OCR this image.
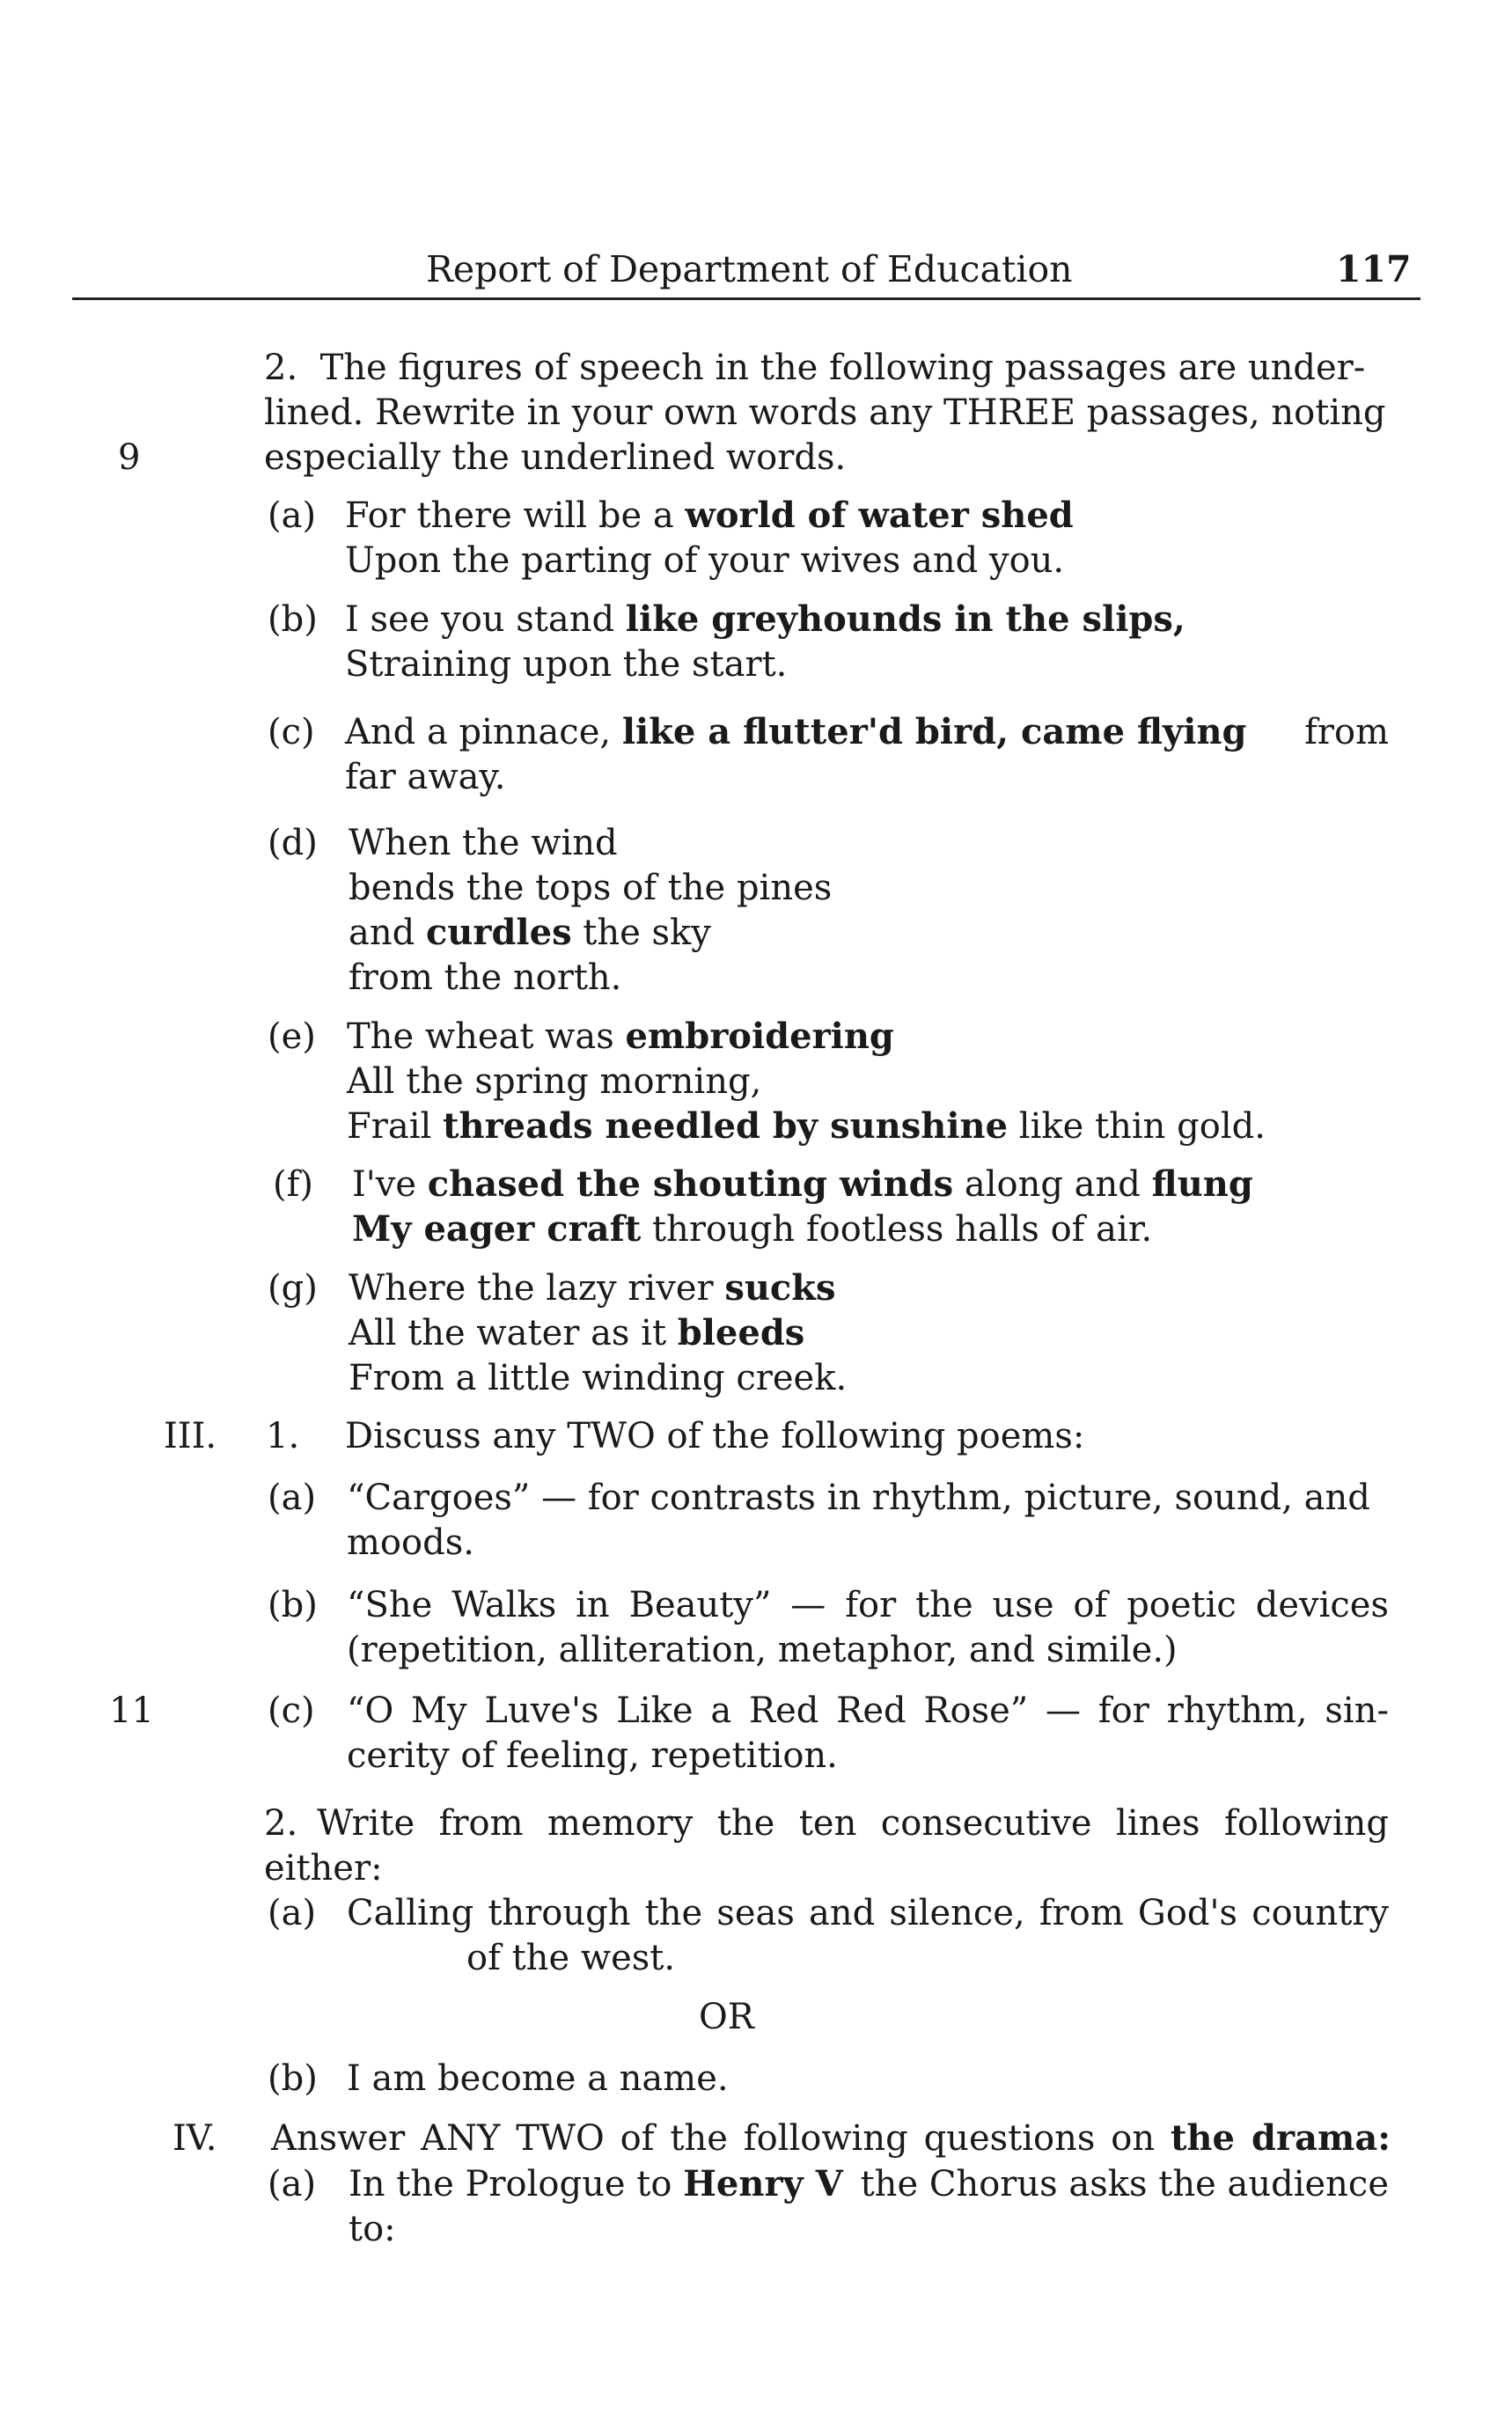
Report of Department of Education	117
9
11
2. The figures of speech in the following passages are under-
lined. Rewrite in your own words any THREE passages, noting
especially the underlined words.
(a) For there will be a world of water shed
Upon the parting of your wives and you.
(b) I see you stand like greyhounds in the slips,
Straining upon the start.
(c) And a pinnace, like a flutter'd bird, came flying from
far away.
(d) When the wind
bends the tops of the pines
and curdles the sky
from the north.
(e) The wheat was embroidering
All the spring morning,
Frail threads needled by sunshine like thin gold.
(f) I've chased the shouting winds along and flung
My eager craft through footless halls of air.
(g) Where the lazy river sucks
All the water as it bleeds
From a little winding creek.
III. 1. Discuss any TWO of the following poems:
(a) “Cargoes” — for contrasts in rhythm, picture, sound, and
moods.
(b) “She Walks in Beauty” — for the use of poetic devices
(repetition, alliteration, metaphor, and simile.)
(c) “O My Luve's Like a Red Red Rose” — for rhythm, sin-
cerity of feeling, repetition.
2. Write from memory the ten consecutive lines following
either:
(a) Calling through the seas and silence, from God's country
of the west.
OR
(b) I am become a name.
IV. Answer ANY TWO of the following questions on the drama:
(a) In the Prologue to Henry V the Chorus asks the audience
to:
